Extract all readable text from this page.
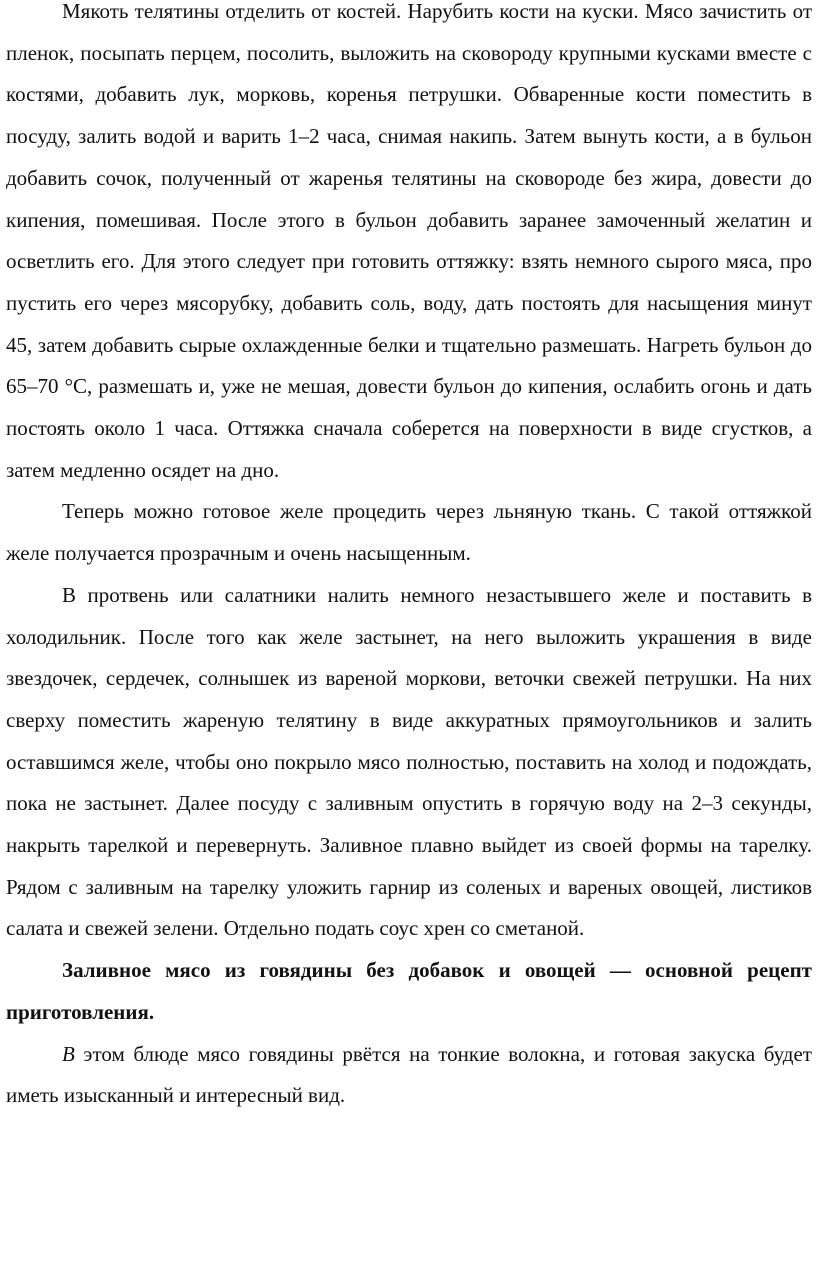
Мякоть телятины отделить от костей. Нарубить кости на куски. Мясо зачистить от пленок, посыпать перцем, посолить, выложить на сковороду крупными кусками вместе с костями, добавить лук, морковь, коренья петрушки. Обваренные кости поместить в посуду, залить водой и варить 1–2 часа, снимая накипь. Затем вынуть кости, а в бульон добавить сочок, полученный от жаренья телятины на сковороде без жира, довести до кипения, помешивая. После этого в бульон добавить заранее замоченный желатин и осветлить его. Для этого следует при готовить оттяжку: взять немного сырого мяса, про пустить его через мясорубку, добавить соль, воду, дать постоять для насыщения минут 45, затем добавить сырые охлажденные белки и тщательно размешать. Нагреть бульон до 65–70 °С, размешать и, уже не мешая, довести бульон до кипения, ослабить огонь и дать постоять около 1 часа. Оттяжка сначала соберется на поверхности в виде сгустков, а затем медленно осядет на дно.

Теперь можно готовое желе процедить через льняную ткань. С такой оттяжкой желе получается прозрачным и очень насыщенным.

В протвень или салатники налить немного незастывшего желе и поставить в холодильник. После того как желе застынет, на него выложить украшения в виде звездочек, сердечек, солнышек из вареной моркови, веточки свежей петрушки. На них сверху поместить жареную телятину в виде аккуратных прямоугольников и залить оставшимся желе, чтобы оно покрыло мясо полностью, поставить на холод и подождать, пока не застынет. Далее посуду с заливным опустить в горячую воду на 2–3 секунды, накрыть тарелкой и перевернуть. Заливное плавно выйдет из своей формы на тарелку. Рядом с заливным на тарелку уложить гарнир из соленых и вареных овощей, листиков салата и свежей зелени. Отдельно подать соус хрен со сметаной.

Заливное мясо из говядины без добавок и овощей — основной рецепт приготовления.

В этом блюде мясо говядины рвётся на тонкие волокна, и готовая закуска будет иметь изысканный и интересный вид.
